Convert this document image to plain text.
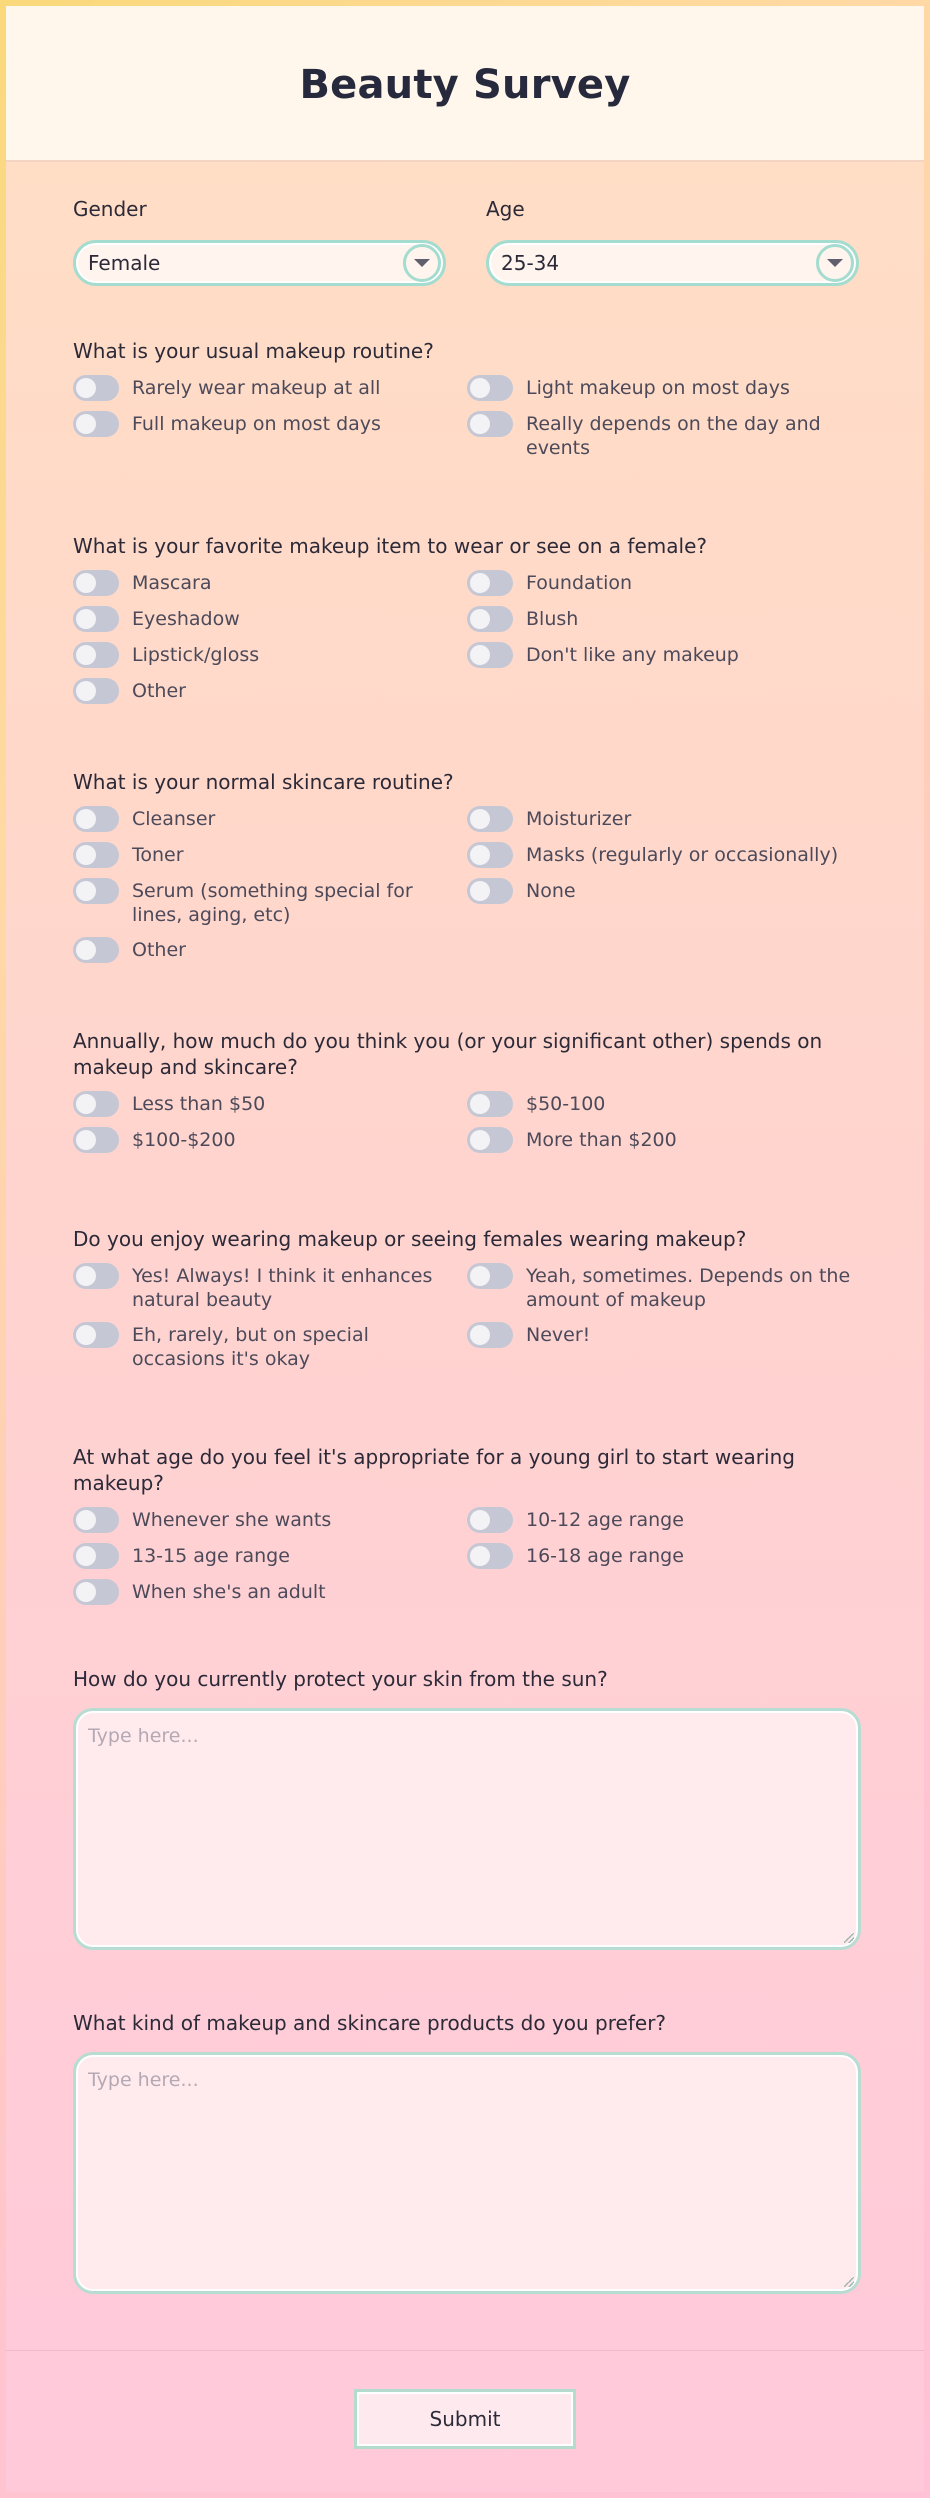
Beauty Survey
Gender
Female
Age
25-34
What is your usual makeup routine?
Rarely wear makeup at all	Light makeup on most days
Full makeup on most days	Really depends on the day and events
What is your favorite makeup item to wear or see on a female?
Mascara	Foundation
Eyeshadow	Blush
Lipstick/gloss	Don't like any makeup
Other
What is your normal skincare routine?
Cleanser	Moisturizer
Toner	Masks (regularly or occasionally)
Serum (something special for lines, aging, etc)
None
Other
Annually, how much do you think you (or your significant other) spends on makeup and skincare?
Less than $50	$50-100
$100-$200	More than $200
Do you enjoy wearing makeup or seeing females wearing makeup?
Yes! Always! I think it enhances natural beauty
Yeah, sometimes. Depends on the amount of makeup
Eh, rarely, but on special occasions it's okay
Never!
At what age do you feel it's appropriate for a young girl to start wearing makeup?
Whenever she wants	10-12 age range
13-15 age range	16-18 age range
When she's an adult
How do you currently protect your skin from the sun?
Type here...
What kind of makeup and skincare products do you prefer?
Type here...
Submit
